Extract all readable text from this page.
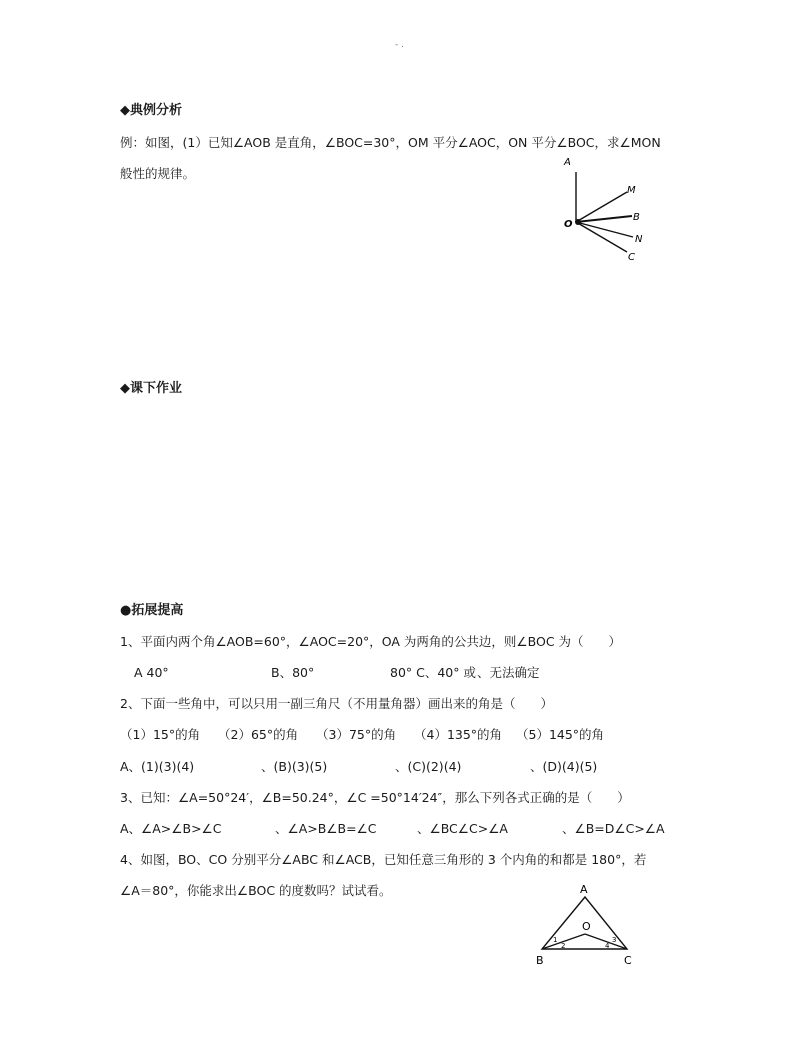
- .
◆典例分析
例：如图，(1）已知∠AOB 是直角，∠BOC=30°，OM 平分∠AOC，ON 平分∠BOC，求∠MON
般性的规律。
A
M
O
B
N
C
◆课下作业
●拓展提高
1、平面内两个角∠AOB=60°，∠AOC=20°，OA 为两角的公共边，则∠BOC 为（　　）
A 40°	B、80°	80° C、40° 或 、无法确定
2、下面一些角中，可以只用一副三角尺（不用量角器）画出来的角是（　　）
（1）15°的角 （2）65°的角 （3）75°的角 （4）135°的角 （5）145°的角
A、(1)(3)(4)	、(B)(3)(5)	、(C)(2)(4)	、(D)(4)(5)
3、已知：∠A=50°24′，∠B=50.24°，∠C =50°14′24″，那么下列各式正确的是（　　）
A、∠A>∠B>∠C	、∠A>B∠B=∠C	、∠BC∠C>∠A	、∠B=D∠C>∠A
4、如图，BO、CO 分别平分∠ABC 和∠ACB，已知任意三角形的 3 个内角的和都是 180°，若
∠A＝80°，你能求出∠BOC 的度数吗？试试看。	A
O
B	C
1
2
3
4
